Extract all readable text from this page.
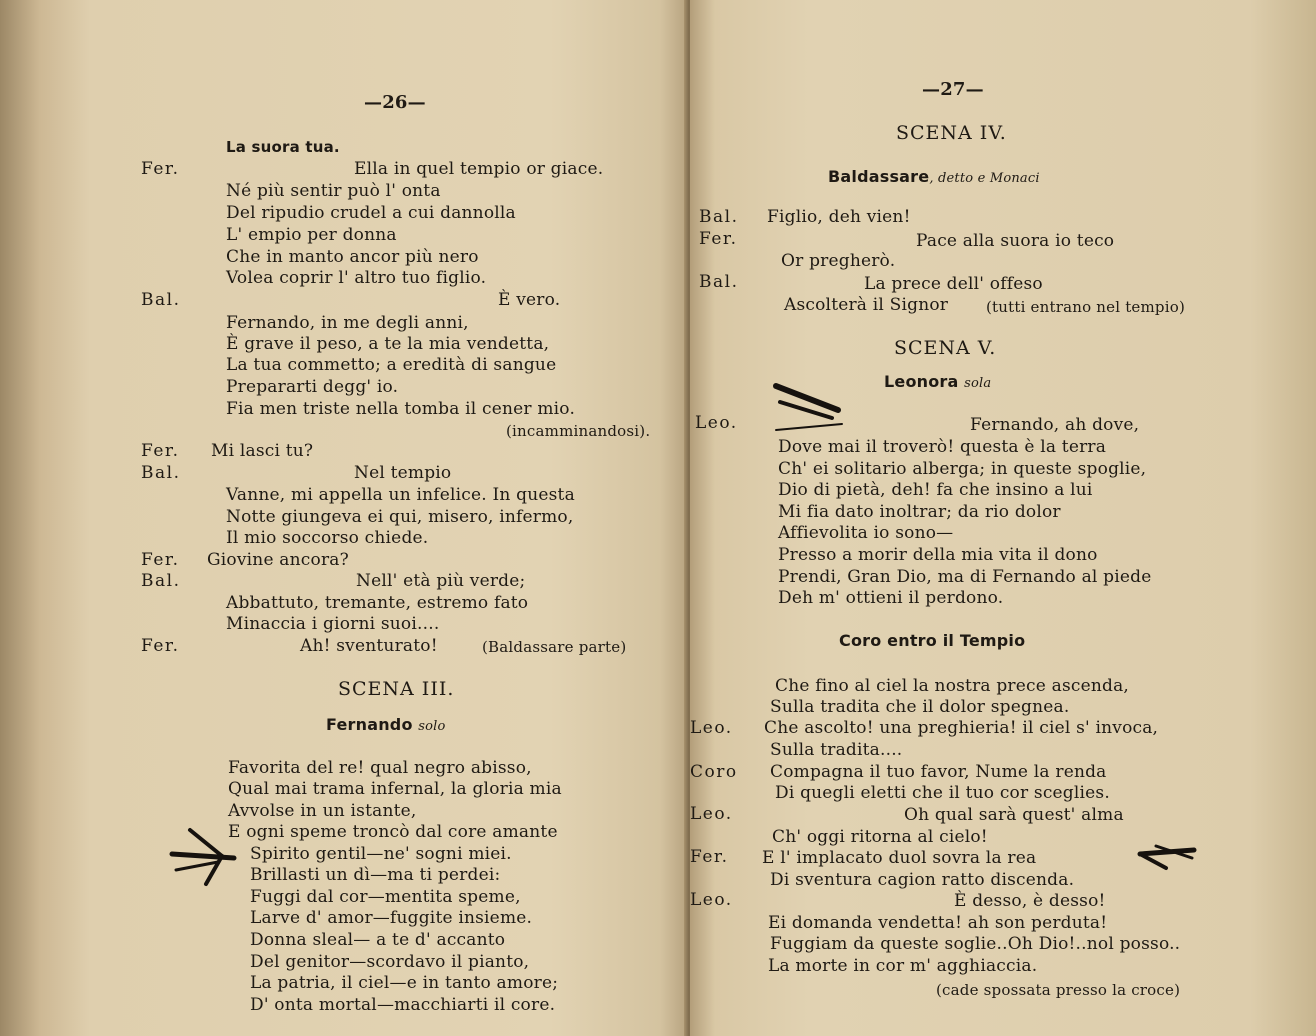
—26—
La suora tua.
Fer.	Ella in quel tempio or giace.
Né più sentir può l' onta
Del ripudio crudel a cui dannolla
L' empio per donna
Che in manto ancor più nero
Volea coprir l' altro tuo figlio.
Bal.	È vero.
Fernando, in me degli anni,
È grave il peso, a te la mia vendetta,
La tua commetto; a eredità di sangue
Prepararti degg' io.
Fia men triste nella tomba il cener mio.
(incamminandosi).
Fer. Mi lasci tu?
Bal.	Nel tempio
Vanne, mi appella un infelice. In questa
Notte giungeva ei qui, misero, infermo,
Il mio soccorso chiede.
Fer. Giovine ancora?
Bal.	Nell' età più verde;
Abbattuto, tremante, estremo fato
Minaccia i giorni suoi....
Fer.	Ah! sventurato!	(Baldassare parte)
SCENA III.
Fernando solo
Favorita del re! qual negro abisso,
Qual mai trama infernal, la gloria mia
Avvolse in un istante,
E ogni speme troncò dal core amante
Spirito gentil—ne' sogni miei.
Brillasti un dì—ma ti perdei:
Fuggi dal cor—mentita speme,
Larve d' amor—fuggite insieme.
Donna sleal— a te d' accanto
Del genitor—scordavo il pianto,
La patria, il ciel—e in tanto amore;
D' onta mortal—macchiarti il core.
—27—
SCENA IV.
Baldassare, detto e Monaci
Bal. Figlio, deh vien!
Fer.	Pace alla suora io teco
Or pregherò.
Bal.	La prece dell' offeso
Ascolterà il Signor	(tutti entrano nel tempio)
SCENA V.
Leonora sola
Leo.	Fernando, ah dove,
Dove mai il troverò! questa è la terra
Ch' ei solitario alberga; in queste spoglie,
Dio di pietà, deh! fa che insino a lui
Mi fia dato inoltrar; da rio dolor
Affievolita io sono—
Presso a morir della mia vita il dono
Prendi, Gran Dio, ma di Fernando al piede
Deh m' ottieni il perdono.
Coro entro il Tempio
Che fino al ciel la nostra prece ascenda,
Sulla tradita che il dolor spegnea.
Leo. Che ascolto! una preghieria! il ciel s' invoca,
Sulla tradita....
Coro Compagna il tuo favor, Nume la renda
Di quegli eletti che il tuo cor sceglies.
Leo.	Oh qual sarà quest' alma
Ch' oggi ritorna al cielo!
Fer. E l' implacato duol sovra la rea
Di sventura cagion ratto discenda.
Leo.	È desso, è desso!
Ei domanda vendetta! ah son perduta!
Fuggiam da queste soglie..Oh Dio!..nol posso..
La morte in cor m' agghiaccia.
(cade spossata presso la croce)
